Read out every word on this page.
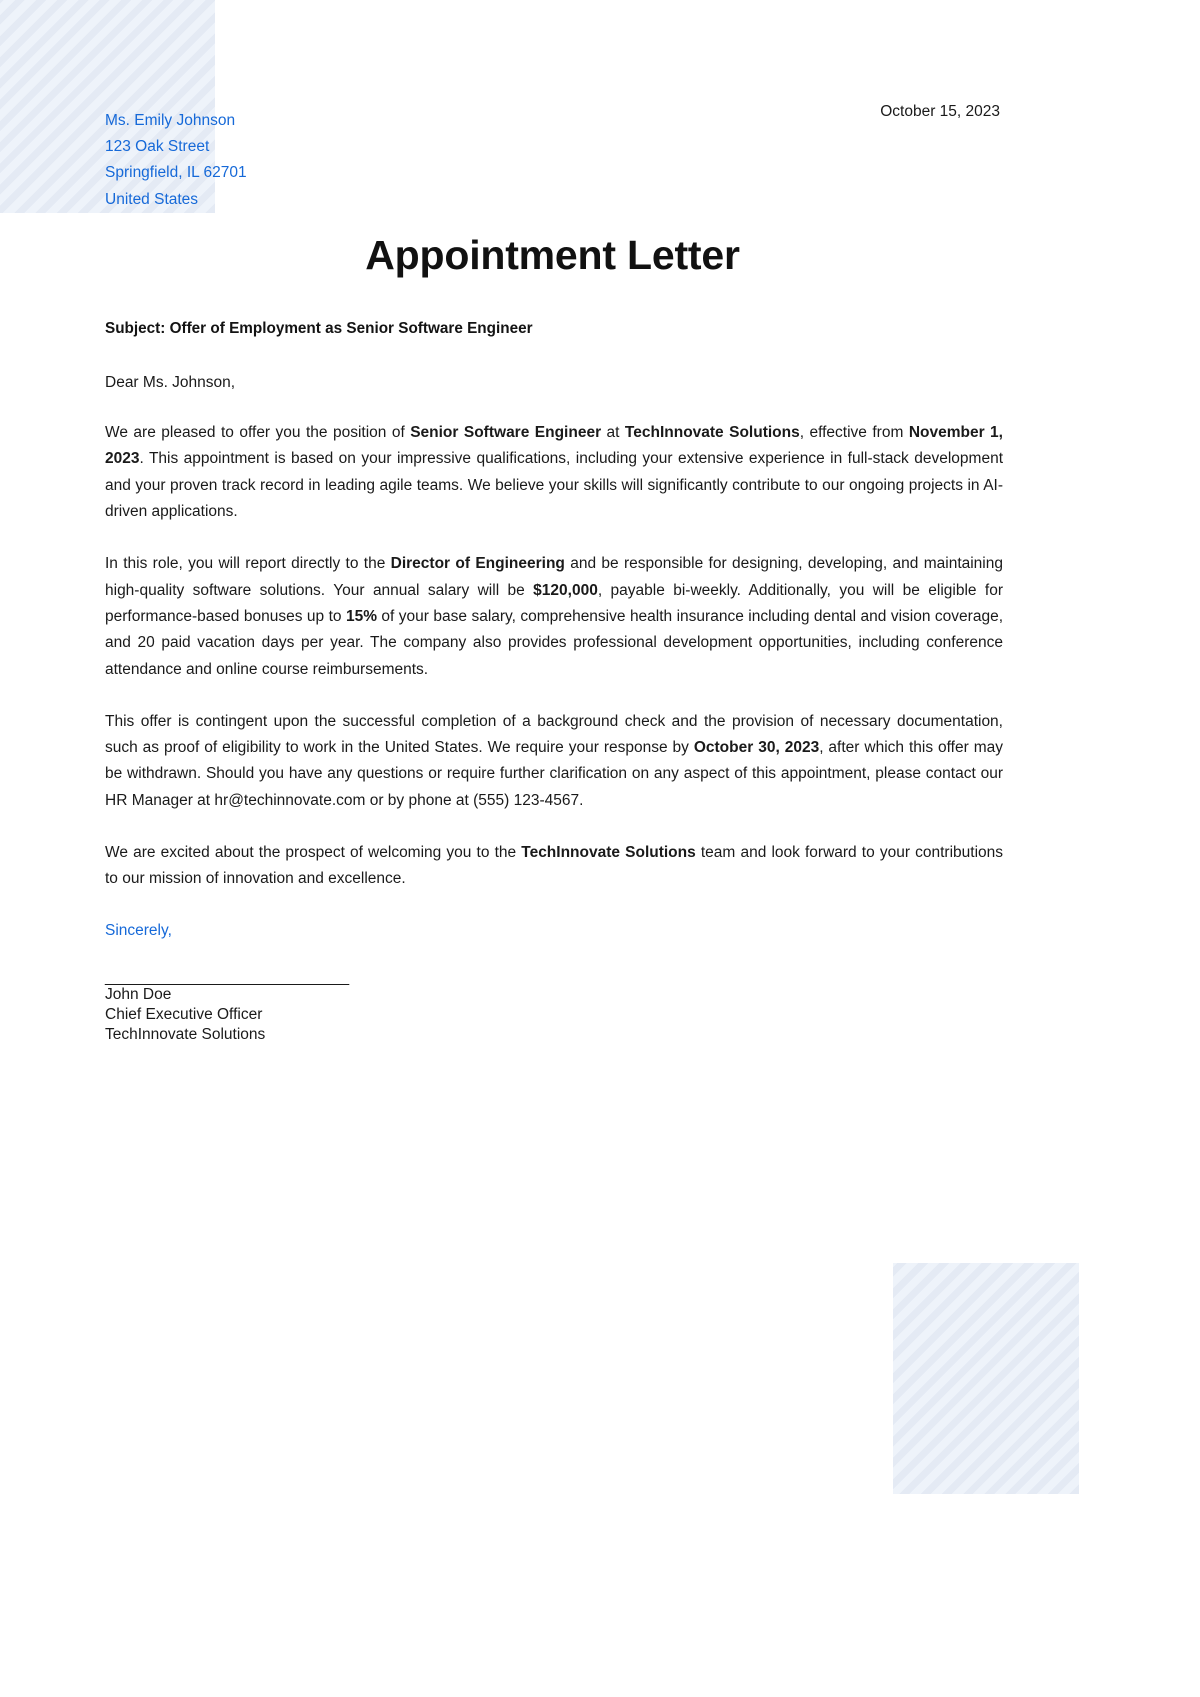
October 15, 2023
Ms. Emily Johnson
123 Oak Street
Springfield, IL 62701
United States
Appointment Letter
Subject: Offer of Employment as Senior Software Engineer
Dear Ms. Johnson,

We are pleased to offer you the position of Senior Software Engineer at TechInnovate Solutions, effective from November 1, 2023. This appointment is based on your impressive qualifications, including your extensive experience in full-stack development and your proven track record in leading agile teams. We believe your skills will significantly contribute to our ongoing projects in AI-driven applications.

In this role, you will report directly to the Director of Engineering and be responsible for designing, developing, and maintaining high-quality software solutions. Your annual salary will be $120,000, payable bi-weekly. Additionally, you will be eligible for performance-based bonuses up to 15% of your base salary, comprehensive health insurance including dental and vision coverage, and 20 paid vacation days per year. The company also provides professional development opportunities, including conference attendance and online course reimbursements.

This offer is contingent upon the successful completion of a background check and the provision of necessary documentation, such as proof of eligibility to work in the United States. We require your response by October 30, 2023, after which this offer may be withdrawn. Should you have any questions or require further clarification on any aspect of this appointment, please contact our HR Manager at hr@techinnovate.com or by phone at (555) 123-4567.

We are excited about the prospect of welcoming you to the TechInnovate Solutions team and look forward to your contributions to our mission of innovation and excellence.

Sincerely,
______________________________
John Doe
Chief Executive Officer
TechInnovate Solutions
